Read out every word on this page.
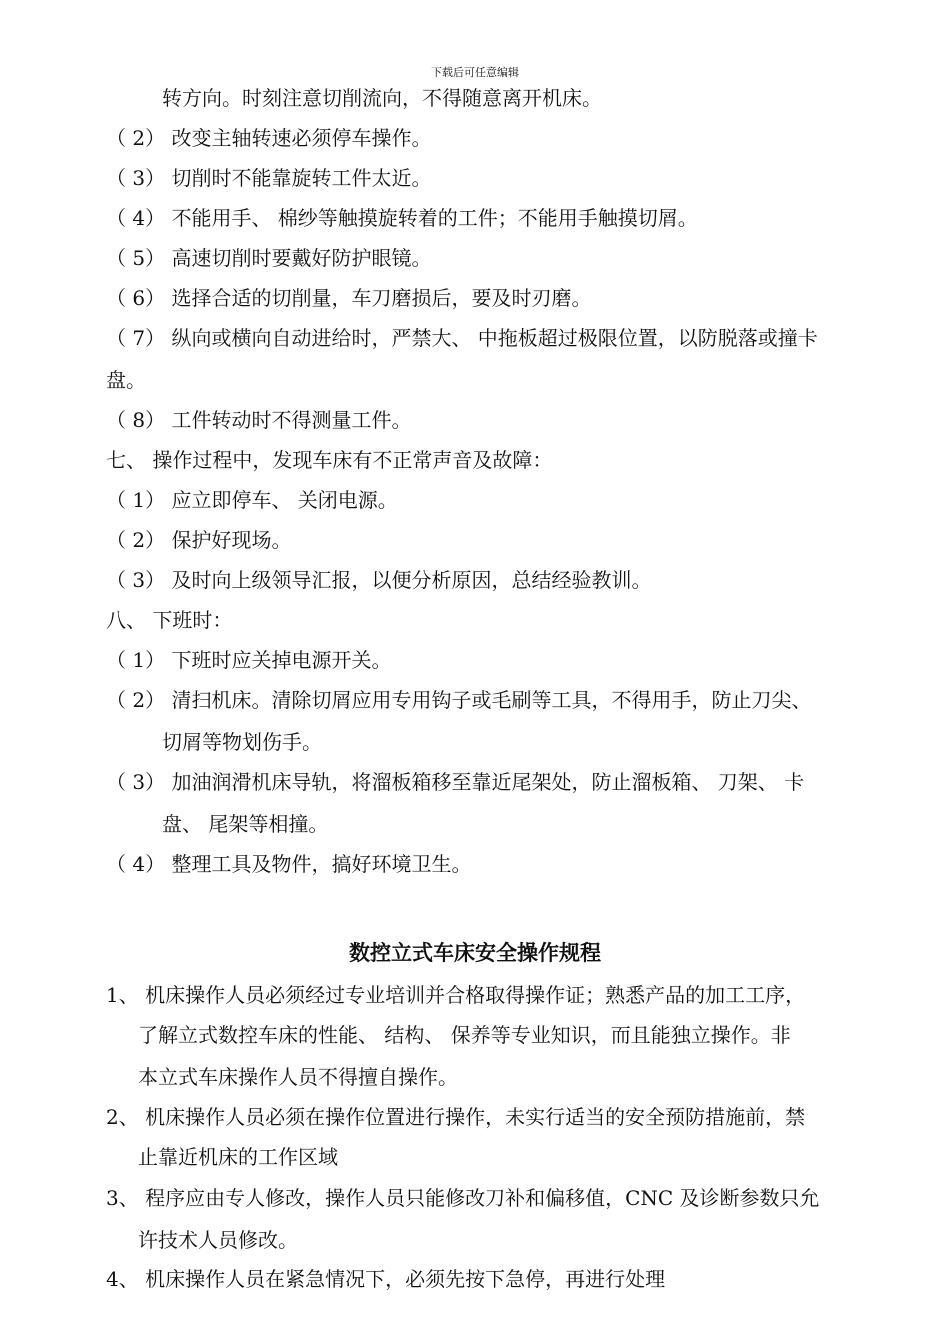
下载后可任意编辑
转方向。时刻注意切削流向，不得随意离开机床。
（ 2） 改变主轴转速必须停车操作。
（ 3） 切削时不能靠旋转工件太近。
（ 4） 不能用手、 棉纱等触摸旋转着的工件；不能用手触摸切屑。
（ 5） 高速切削时要戴好防护眼镜。
（ 6） 选择合适的切削量，车刀磨损后，要及时刃磨。
（ 7） 纵向或横向自动进给时，严禁大、 中拖板超过极限位置，以防脱落或撞卡
盘。
（ 8） 工件转动时不得测量工件。
七、 操作过程中，发现车床有不正常声音及故障：
（ 1） 应立即停车、 关闭电源。
（ 2） 保护好现场。
（ 3） 及时向上级领导汇报，以便分析原因，总结经验教训。
八、 下班时：
（ 1） 下班时应关掉电源开关。
（ 2） 清扫机床。清除切屑应用专用钩子或毛刷等工具，不得用手，防止刀尖、
切屑等物划伤手。
（ 3） 加油润滑机床导轨，将溜板箱移至靠近尾架处，防止溜板箱、 刀架、 卡
盘、 尾架等相撞。
（ 4） 整理工具及物件，搞好环境卫生。
数控立式车床安全操作规程
1、 机床操作人员必须经过专业培训并合格取得操作证；熟悉产品的加工工序，
了解立式数控车床的性能、 结构、 保养等专业知识，而且能独立操作。非
本立式车床操作人员不得擅自操作。
2、 机床操作人员必须在操作位置进行操作，未实行适当的安全预防措施前，禁
止靠近机床的工作区域
3、 程序应由专人修改，操作人员只能修改刀补和偏移值，CNC 及诊断参数只允
许技术人员修改。
4、 机床操作人员在紧急情况下，必须先按下急停，再进行处理
